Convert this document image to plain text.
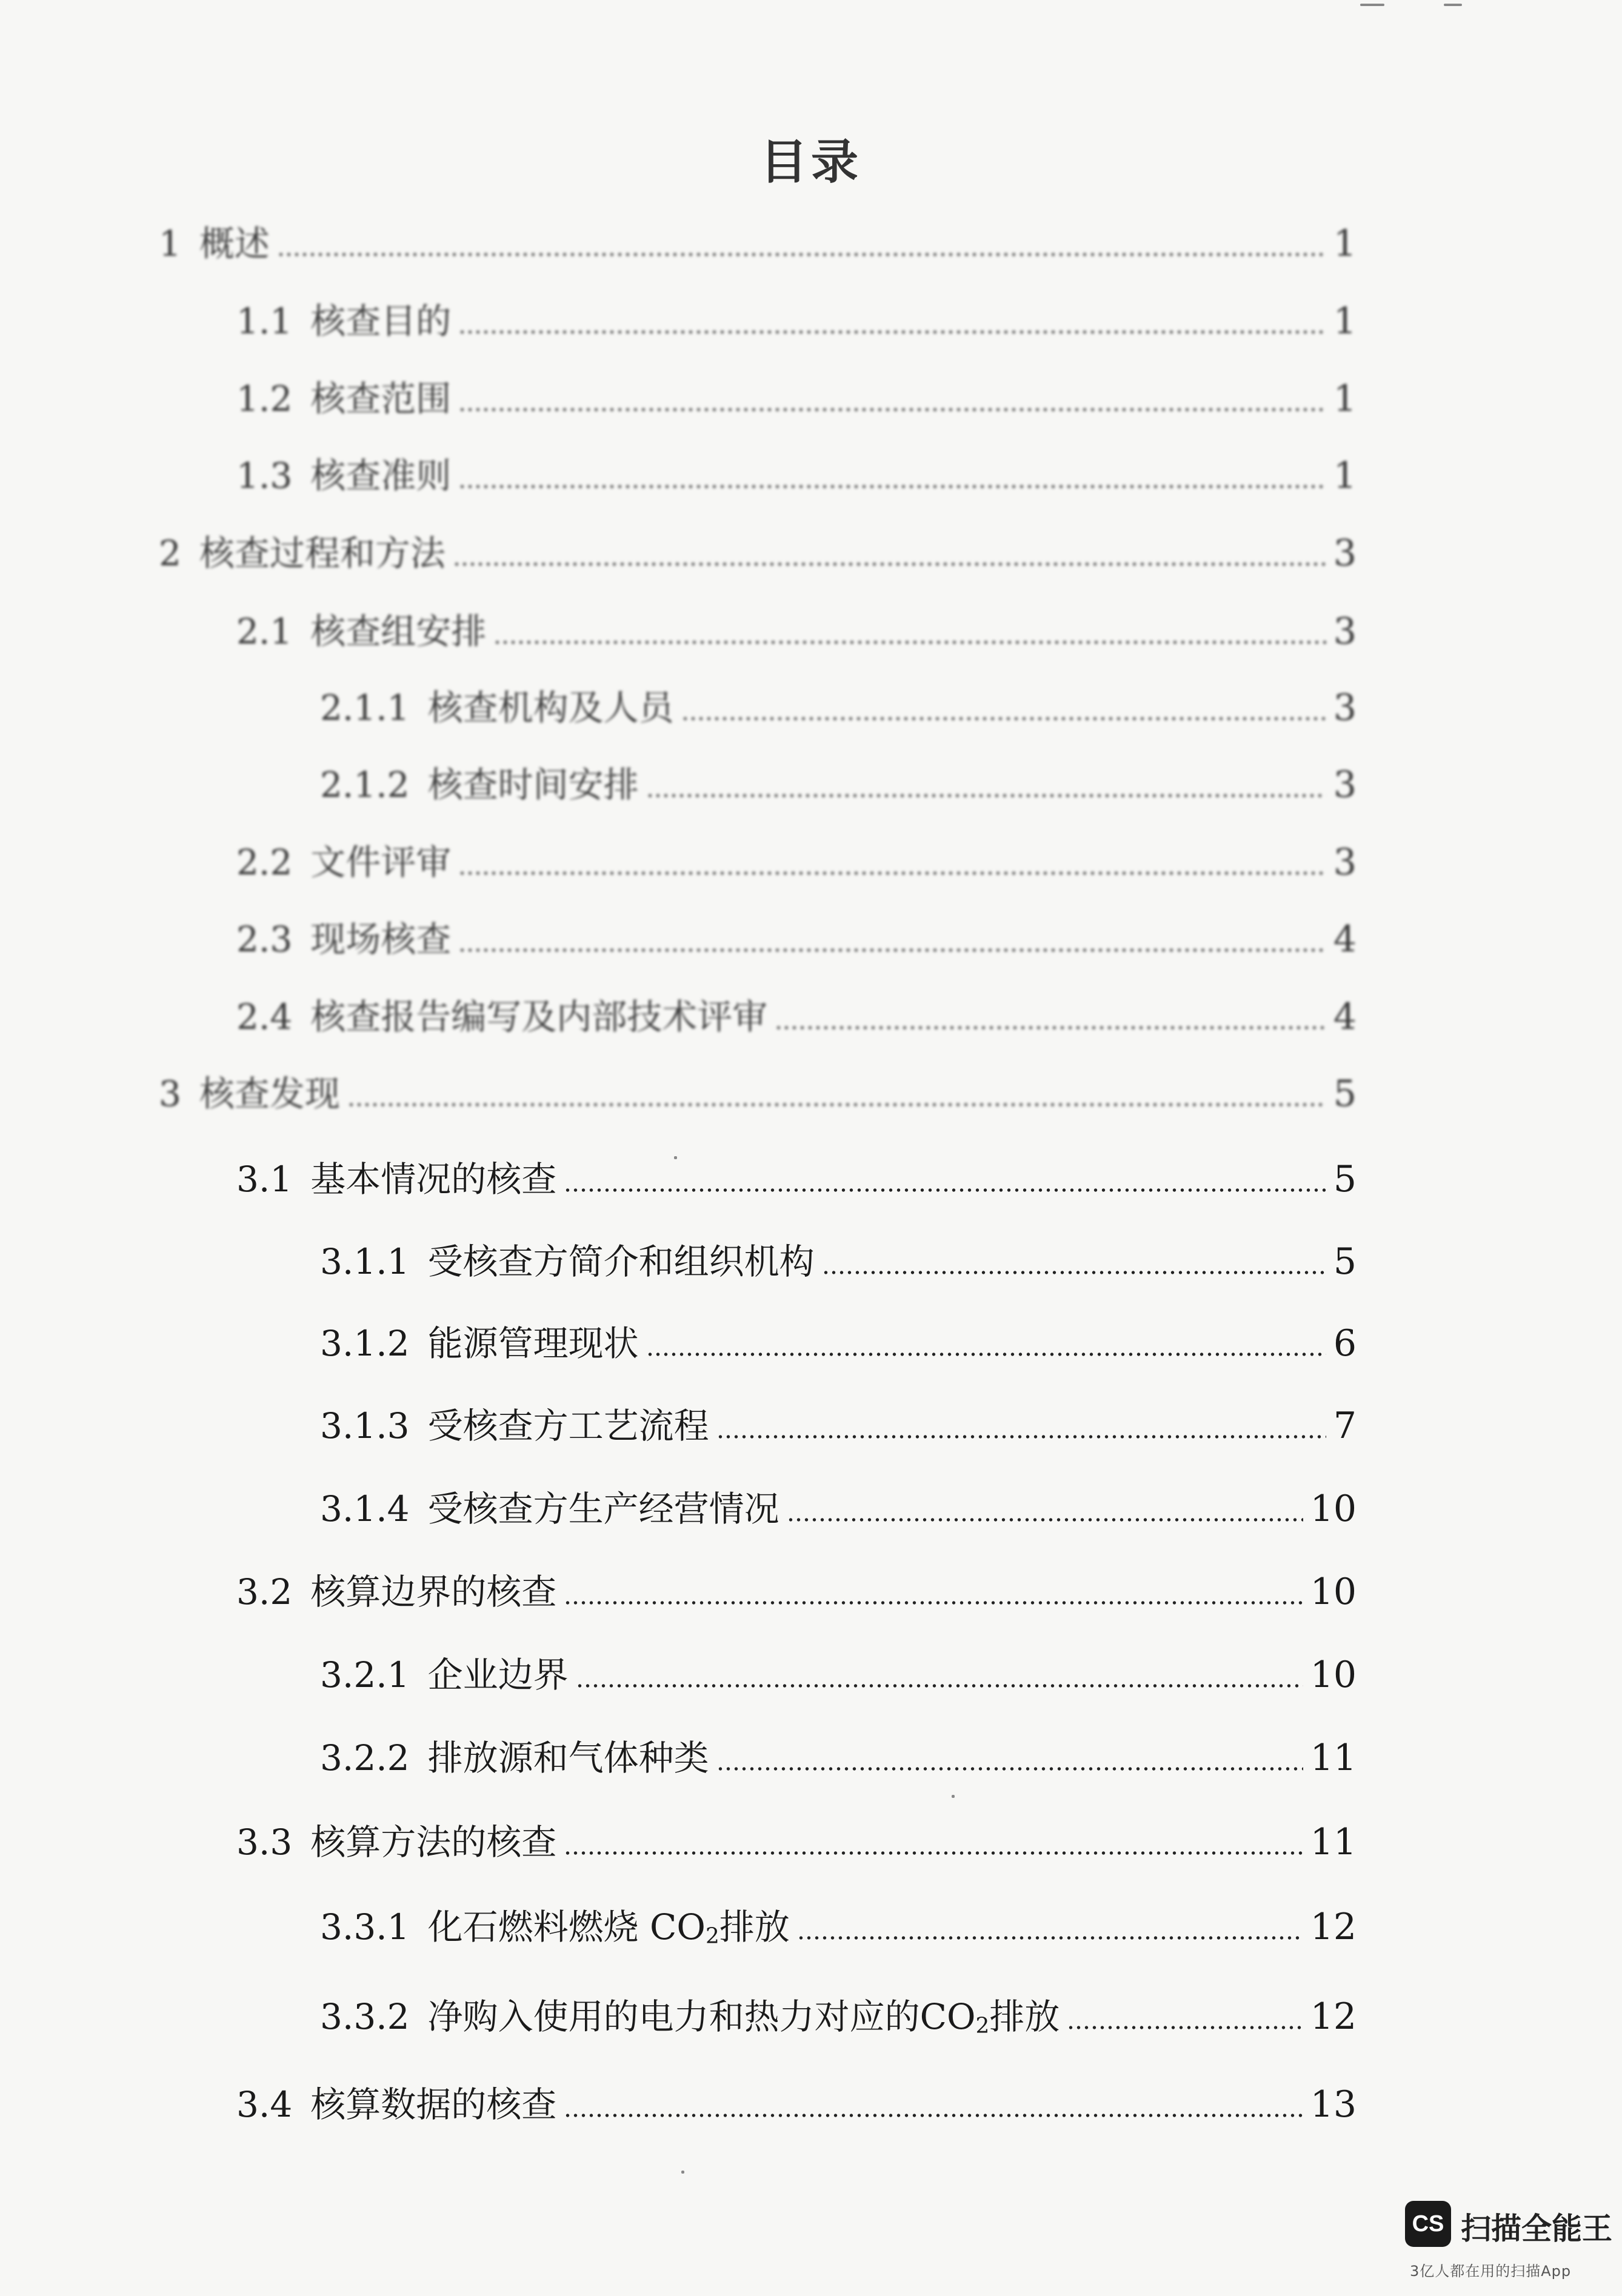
目录
1 概述	1
1.1 核查目的	1
1.2 核查范围	1
1.3 核查准则	1
2 核查过程和方法	3
2.1 核查组安排	3
2.1.1 核查机构及人员	3
2.1.2 核查时间安排	3
2.2 文件评审	3
2.3 现场核查	4
2.4 核查报告编写及内部技术评审	4
3 核查发现	5
3.1 基本情况的核查	5
3.1.1 受核查方简介和组织机构	5
3.1.2 能源管理现状	6
3.1.3 受核查方工艺流程	7
3.1.4 受核查方生产经营情况	10
3.2 核算边界的核查	10
3.2.1 企业边界	10
3.2.2 排放源和气体种类	11
3.3 核算方法的核查	11
3.3.1 化石燃料燃烧 $CO_2$排放	12
3.3.2 净购入使用的电力和热力对应的$CO_2$排放	12
3.4 核算数据的核查	13
CS 扫描全能王
3亿人都在用的扫描App
